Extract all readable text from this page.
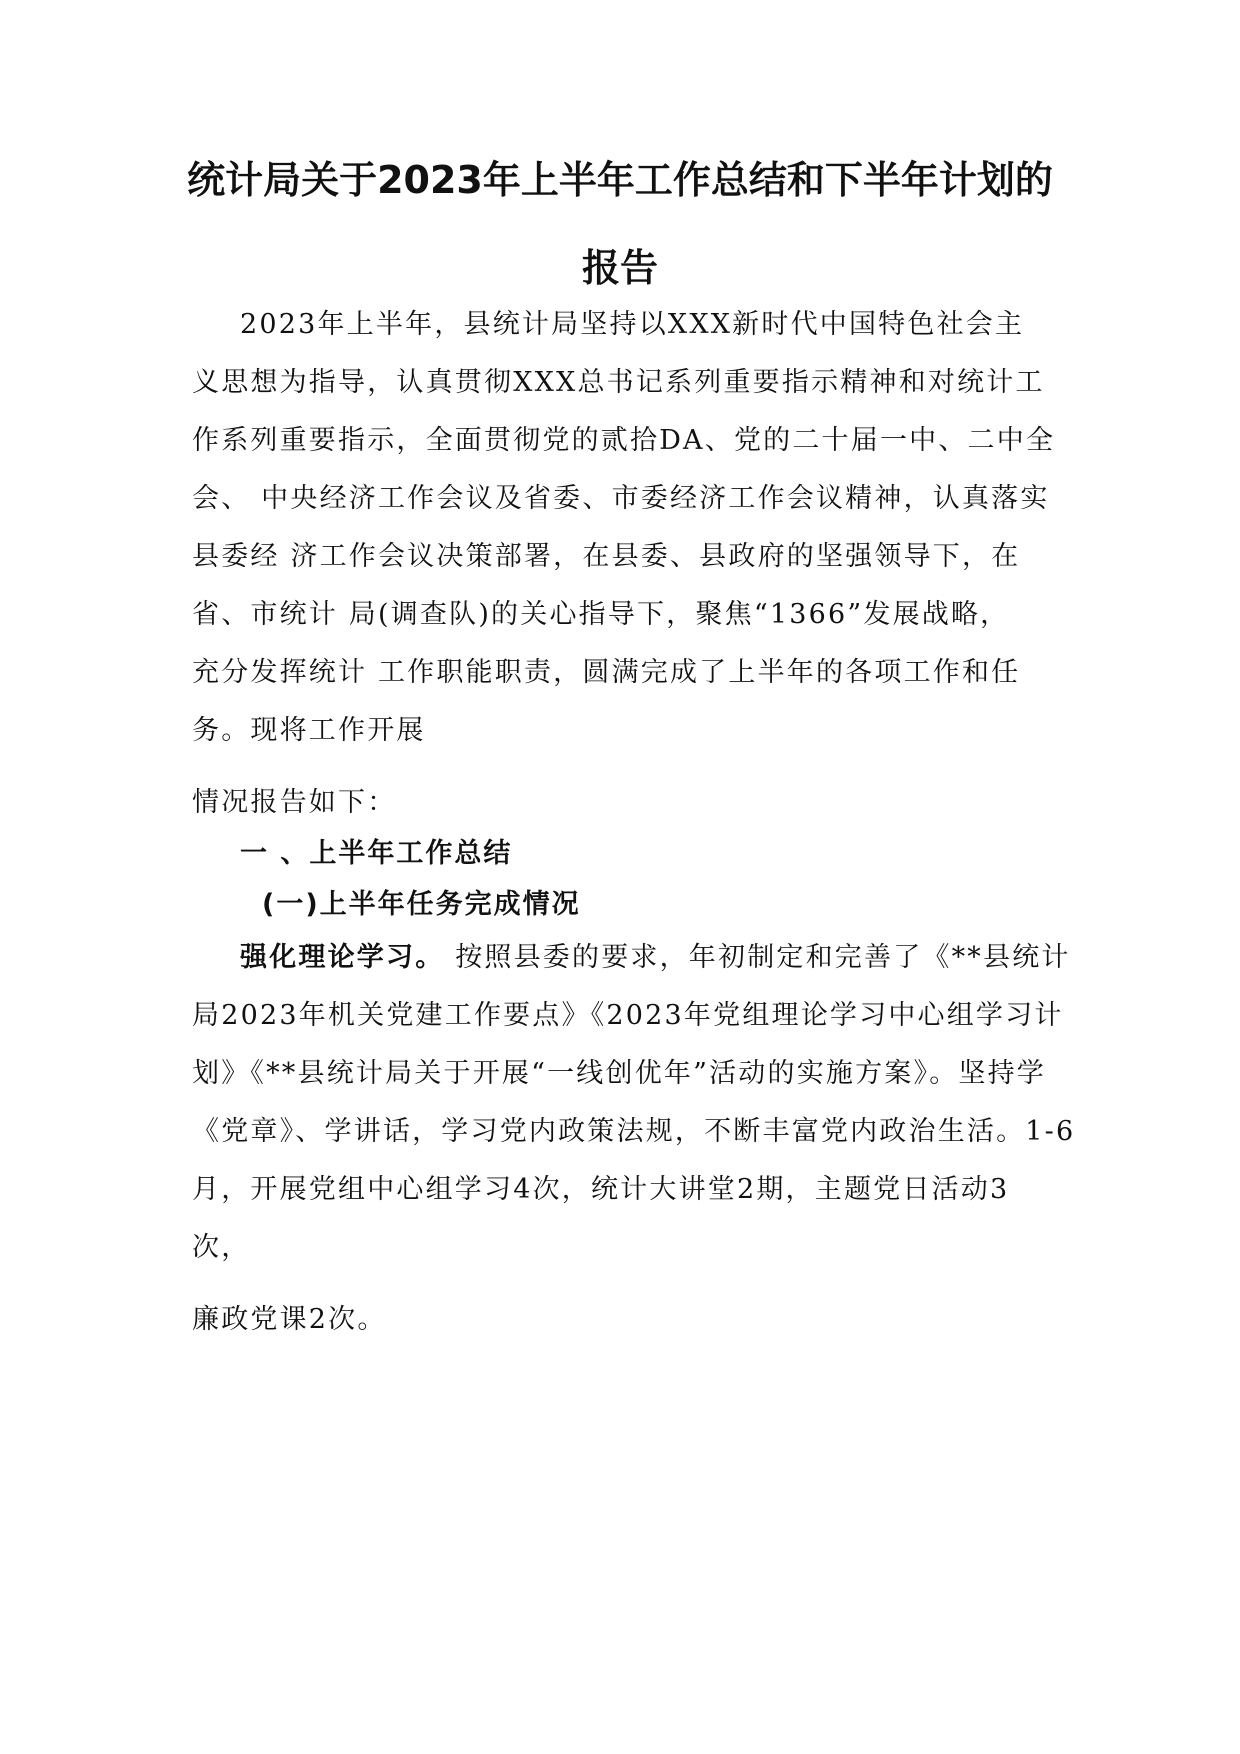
统计局关于2023年上半年工作总结和下半年计划的
报告
2023年上半年，县统计局坚持以XXX新时代中国特色社会主
义思想为指导，认真贯彻XXX总书记系列重要指示精神和对统计工
作系列重要指示，全面贯彻党的贰拾DA、党的二十届一中、二中全
会、 中央经济工作会议及省委、市委经济工作会议精神，认真落实
县委经 济工作会议决策部署，在县委、县政府的坚强领导下，在
省、市统计 局(调查队)的关心指导下，聚焦“1366”发展战略，
充分发挥统计 工作职能职责，圆满完成了上半年的各项工作和任
务。现将工作开展
情况报告如下：
一 、上半年工作总结
(一)上半年任务完成情况
强化理论学习。 按照县委的要求，年初制定和完善了《**县统计
局2023年机关党建工作要点》《2023年党组理论学习中心组学习计
划》《**县统计局关于开展“一线创优年”活动的实施方案》。坚持学
《党章》、学讲话，学习党内政策法规，不断丰富党内政治生活。1-6
月，开展党组中心组学习4次，统计大讲堂2期，主题党日活动3
次，
廉政党课2次。
